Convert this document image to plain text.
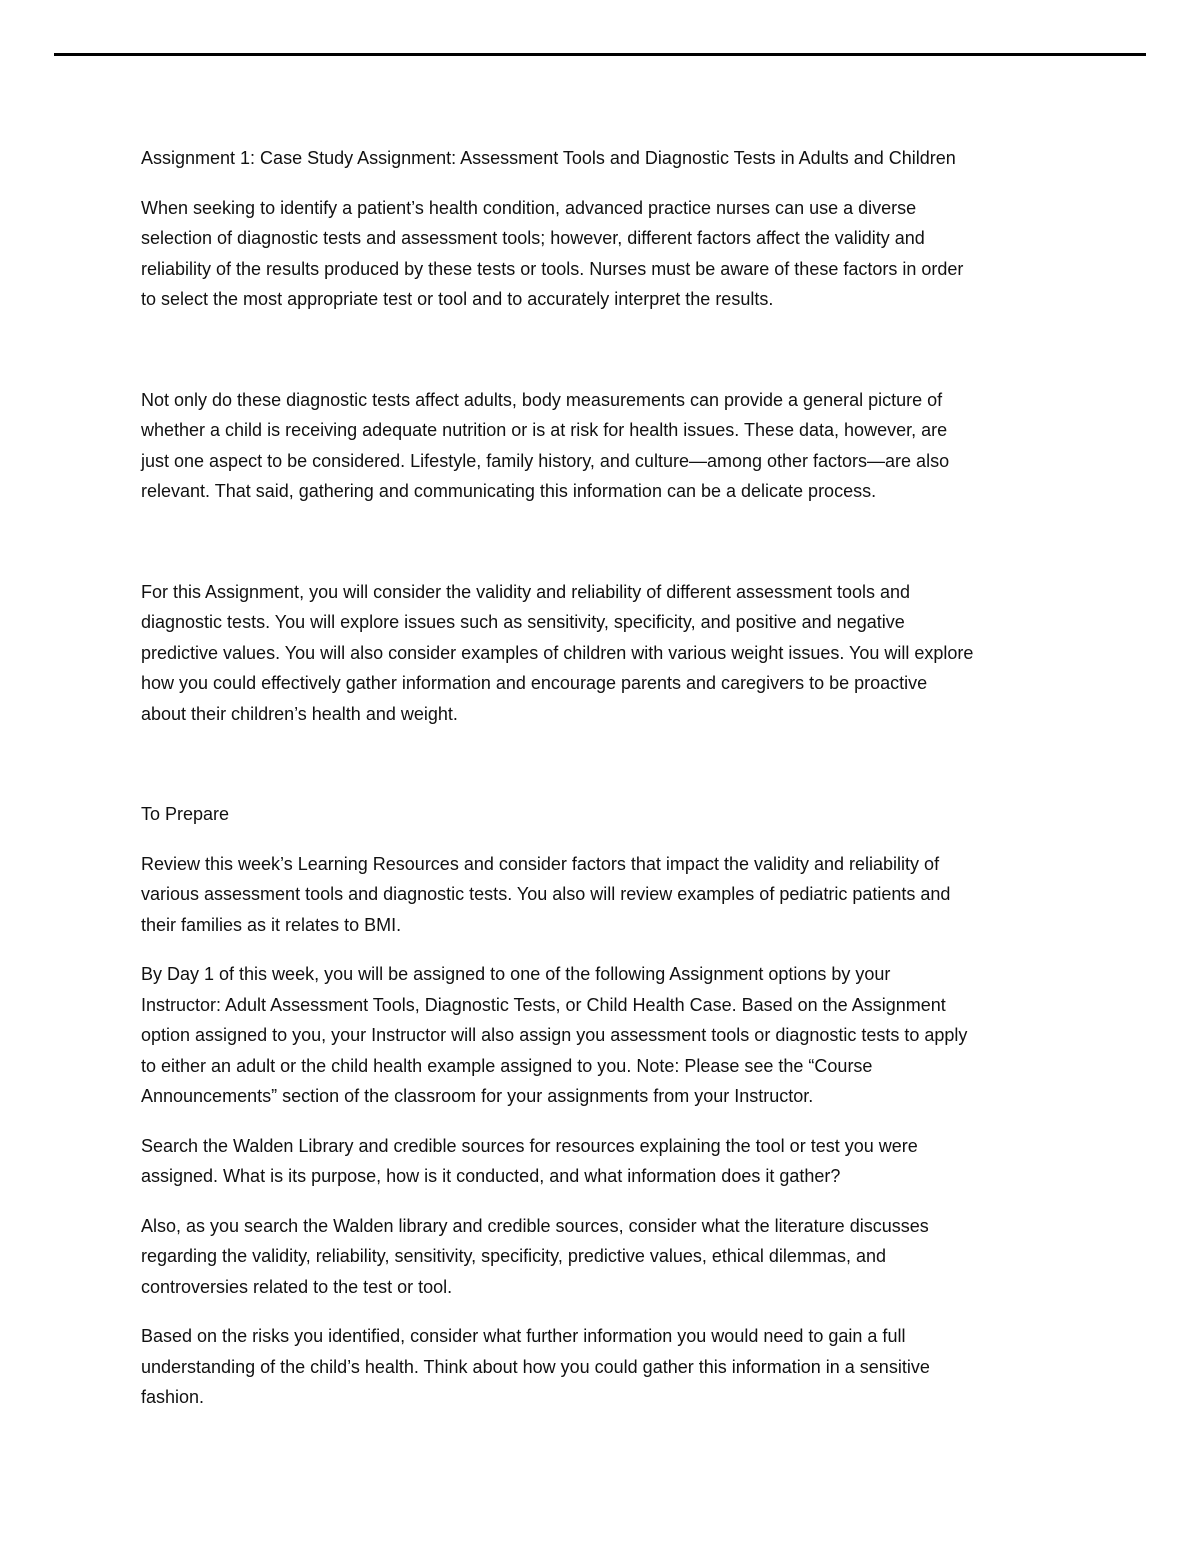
Assignment 1: Case Study Assignment: Assessment Tools and Diagnostic Tests in Adults and Children

When seeking to identify a patient’s health condition, advanced practice nurses can use a diverse
selection of diagnostic tests and assessment tools; however, different factors affect the validity and
reliability of the results produced by these tests or tools. Nurses must be aware of these factors in order
to select the most appropriate test or tool and to accurately interpret the results.

Not only do these diagnostic tests affect adults, body measurements can provide a general picture of
whether a child is receiving adequate nutrition or is at risk for health issues. These data, however, are
just one aspect to be considered. Lifestyle, family history, and culture—among other factors—are also
relevant. That said, gathering and communicating this information can be a delicate process.

For this Assignment, you will consider the validity and reliability of different assessment tools and
diagnostic tests. You will explore issues such as sensitivity, specificity, and positive and negative
predictive values. You will also consider examples of children with various weight issues. You will explore
how you could effectively gather information and encourage parents and caregivers to be proactive
about their children’s health and weight.

To Prepare

Review this week’s Learning Resources and consider factors that impact the validity and reliability of
various assessment tools and diagnostic tests. You also will review examples of pediatric patients and
their families as it relates to BMI.

By Day 1 of this week, you will be assigned to one of the following Assignment options by your
Instructor: Adult Assessment Tools, Diagnostic Tests, or Child Health Case. Based on the Assignment
option assigned to you, your Instructor will also assign you assessment tools or diagnostic tests to apply
to either an adult or the child health example assigned to you. Note: Please see the “Course
Announcements” section of the classroom for your assignments from your Instructor.

Search the Walden Library and credible sources for resources explaining the tool or test you were
assigned. What is its purpose, how is it conducted, and what information does it gather?

Also, as you search the Walden library and credible sources, consider what the literature discusses
regarding the validity, reliability, sensitivity, specificity, predictive values, ethical dilemmas, and
controversies related to the test or tool.

Based on the risks you identified, consider what further information you would need to gain a full
understanding of the child’s health. Think about how you could gather this information in a sensitive
fashion.
